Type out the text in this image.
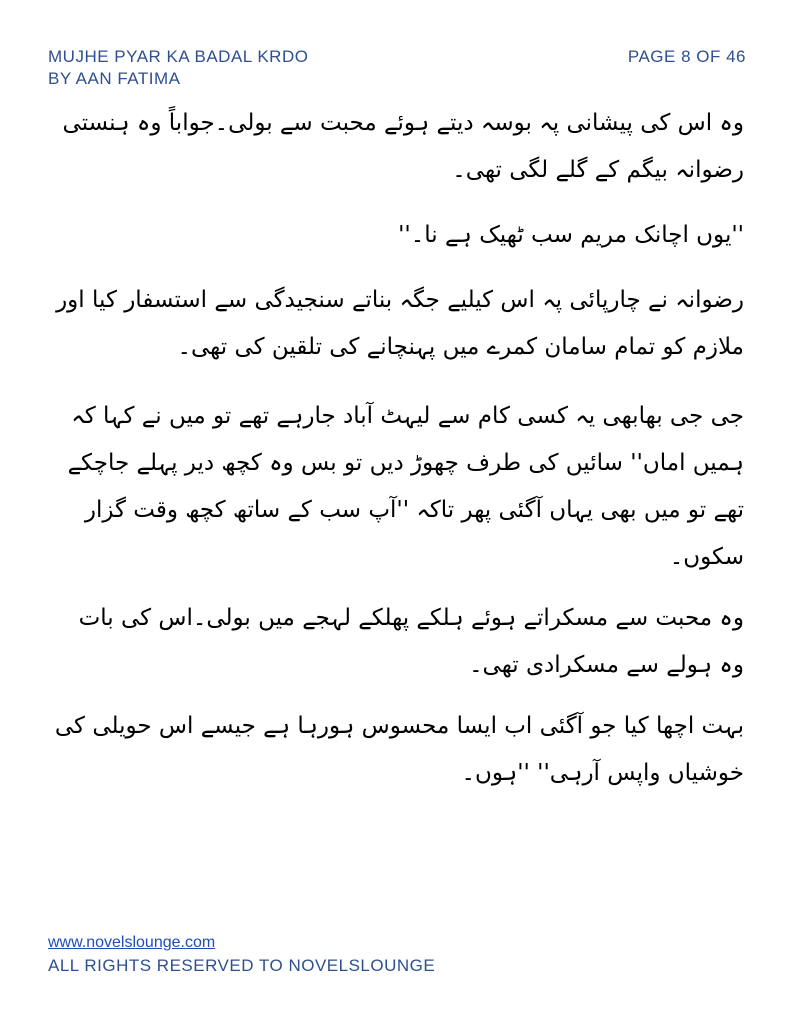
MUJHE PYAR KA BADAL KRDO
BY AAN FATIMA
PAGE 8 OF 46

وہ اس کی پیشانی پہ بوسہ دیتے ہوئے محبت سے بولی۔جواباً وہ ہنستی رضوانہ بیگم کے گلے لگی تھی۔

''یوں اچانک مریم سب ٹھیک ہے نا۔''

رضوانہ نے چارپائی پہ اس کیلیے جگہ بناتے سنجیدگی سے استسفار کیا اور ملازم کو تمام سامان کمرے میں پہنچانے کی تلقین کی تھی۔

جی جی بھابھی یہ کسی کام سے لیہٹ آباد جارہے تھے تو میں نے کہا کہ ہمیں اماں'' سائیں کی طرف چھوڑ دیں تو بس وہ کچھ دیر پہلے جاچکے تھے تو میں بھی یہاں آگئی پھر تاکہ ''آپ سب کے ساتھ کچھ وقت گزار سکوں۔

وہ محبت سے مسکراتے ہوئے ہلکے پھلکے لہجے میں بولی۔اس کی بات وہ ہولے سے مسکرادی تھی۔

بہت اچھا کیا جو آگئی اب ایسا محسوس ہورہا ہے جیسے اس حویلی کی خوشیاں واپس آرہی'' ''ہوں۔

www.novelslounge.com
ALL RIGHTS RESERVED TO NOVELSLOUNGE
